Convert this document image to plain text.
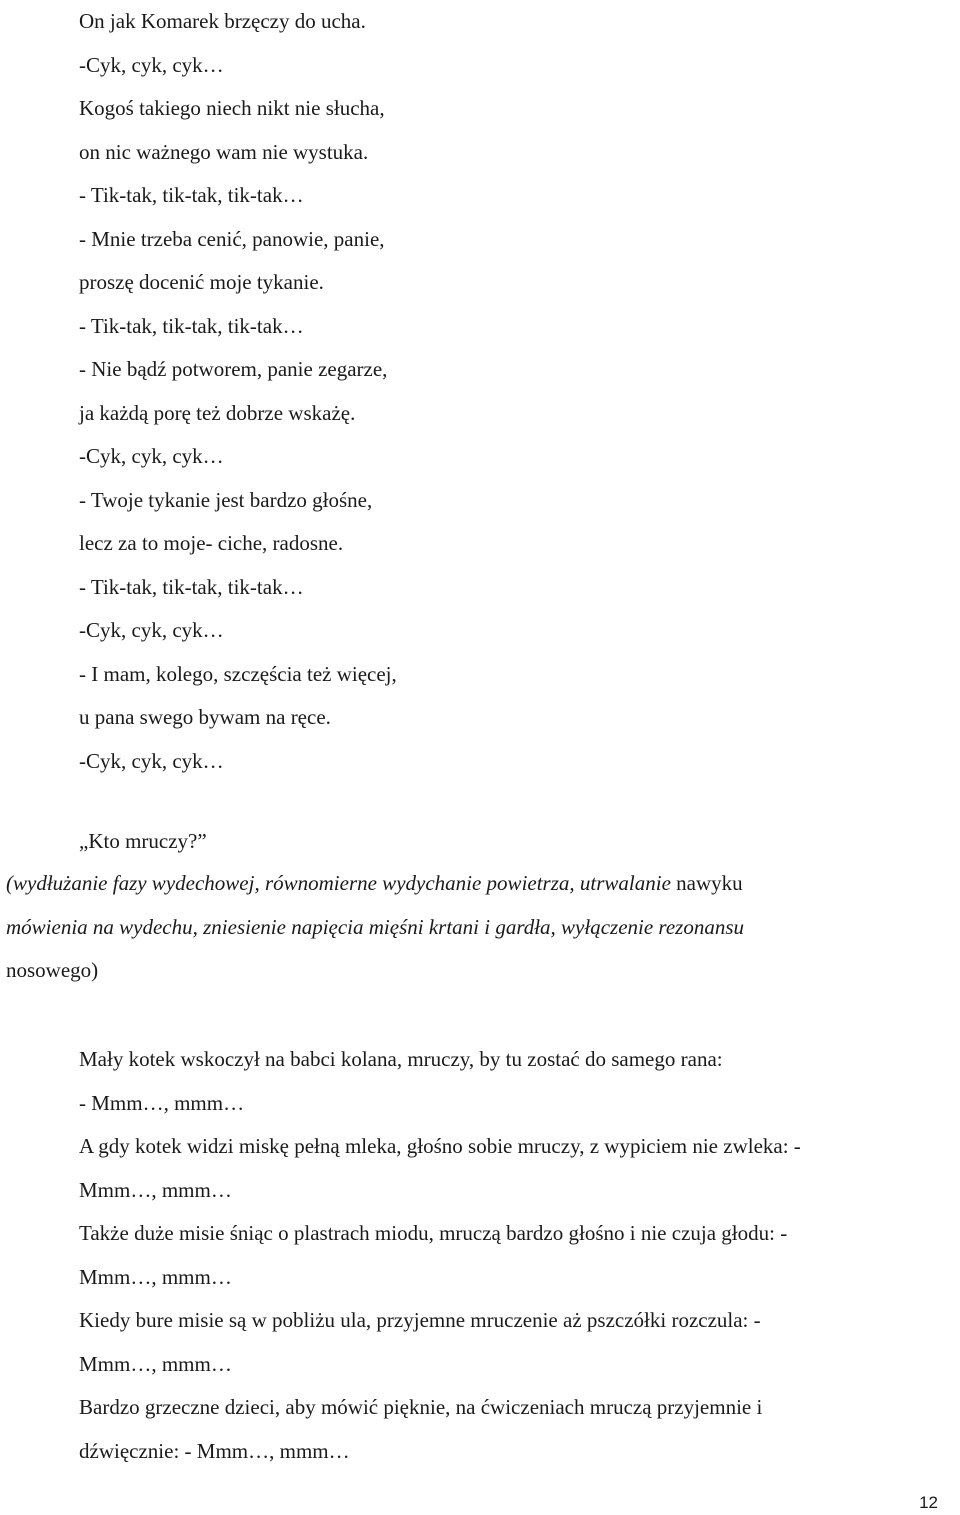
On jak Komarek brzęczy do ucha.
-Cyk, cyk, cyk…
Kogoś takiego niech nikt nie słucha,
on nic ważnego wam nie wystuka.
- Tik-tak, tik-tak, tik-tak…
- Mnie trzeba cenić, panowie, panie,
proszę docenić moje tykanie.
- Tik-tak, tik-tak, tik-tak…
- Nie bądź potworem, panie zegarze,
ja każdą porę też dobrze wskażę.
-Cyk, cyk, cyk…
- Twoje tykanie jest bardzo głośne,
lecz za to moje- ciche, radosne.
- Tik-tak, tik-tak, tik-tak…
-Cyk, cyk, cyk…
- I mam, kolego, szczęścia też więcej,
u pana swego bywam na ręce.
-Cyk, cyk, cyk…
„Kto mruczy?”
(wydłużanie fazy wydechowej, równomierne wydychanie powietrza, utrwalanie nawyku
mówienia na wydechu, zniesienie napięcia mięśni krtani i gardła, wyłączenie rezonansu
nosowego)
Mały kotek wskoczył na babci kolana, mruczy, by tu zostać do samego rana:
- Mmm…, mmm…
A gdy kotek widzi miskę pełną mleka, głośno sobie mruczy, z wypiciem nie zwleka: -
Mmm…, mmm…
Także duże misie śniąc o plastrach miodu, mruczą bardzo głośno i nie czuja głodu: -
Mmm…, mmm…
Kiedy bure misie są w pobliżu ula, przyjemne mruczenie aż pszczółki rozczula: -
Mmm…, mmm…
Bardzo grzeczne dzieci, aby mówić pięknie, na ćwiczeniach mruczą przyjemnie i
dźwięcznie: - Mmm…, mmm…
12
